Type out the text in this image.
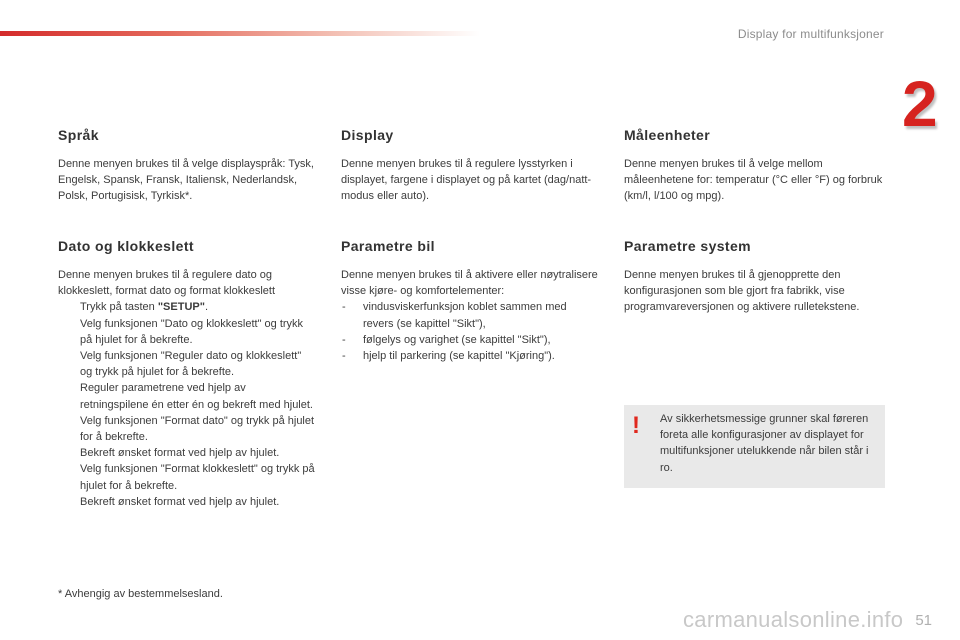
Display for multifunksjoner
2
Språk

Denne menyen brukes til å velge displayspråk: Tysk, Engelsk, Spansk, Fransk, Italiensk, Nederlandsk, Polsk, Portugisisk, Tyrkisk*.

Display

Denne menyen brukes til å regulere lysstyrken i displayet, fargene i displayet og på kartet (dag/natt-modus eller auto).

Måleenheter

Denne menyen brukes til å velge mellom måleenhetene for: temperatur (°C eller °F) og forbruk (km/l, l/100 og mpg).

Dato og klokkeslett

Denne menyen brukes til å regulere dato og klokkeslett, format dato og format klokkeslett

Trykk på tasten "SETUP".
Velg funksjonen "Dato og klokkeslett" og trykk på hjulet for å bekrefte.
Velg funksjonen "Reguler dato og klokkeslett" og trykk på hjulet for å bekrefte.
Reguler parametrene ved hjelp av retningspilene én etter én og bekreft med hjulet.
Velg funksjonen "Format dato" og trykk på hjulet for å bekrefte.
Bekreft ønsket format ved hjelp av hjulet.
Velg funksjonen "Format klokkeslett" og trykk på hjulet for å bekrefte.
Bekreft ønsket format ved hjelp av hjulet.
Parametre bil

Denne menyen brukes til å aktivere eller nøytralisere visse kjøre- og komfortelementer:

-	vindusviskerfunksjon koblet sammen med revers (se kapittel "Sikt"),
-	følgelys og varighet (se kapittel "Sikt"),
-	hjelp til parkering (se kapittel "Kjøring").
Parametre system

Denne menyen brukes til å gjenopprette den konfigurasjonen som ble gjort fra fabrikk, vise programvareversjonen og aktivere rulletekstene.

! Av sikkerhetsmessige grunner skal føreren foreta alle konfigurasjoner av displayet for multifunksjoner utelukkende når bilen står i ro.
* Avhengig av bestemmelsesland.
carmanualsonline.info 51
